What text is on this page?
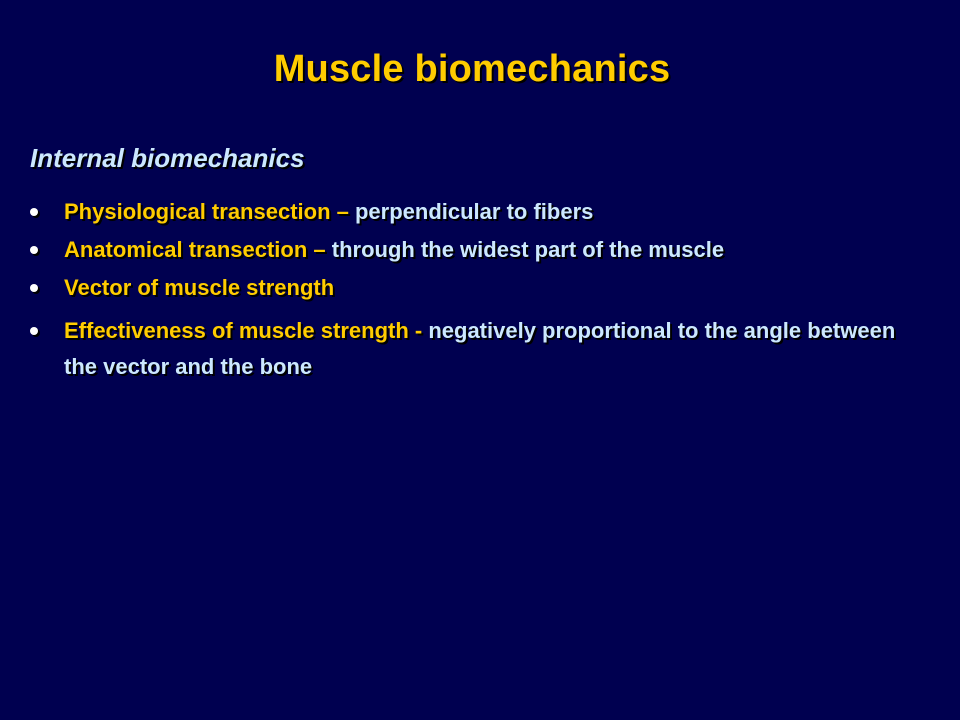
Muscle biomechanics
Internal biomechanics
Physiological transection – perpendicular to fibers
Anatomical transection – through the widest part of the muscle
Vector of muscle strength
Effectiveness of muscle strength - negatively proportional to the angle between the vector and the bone
